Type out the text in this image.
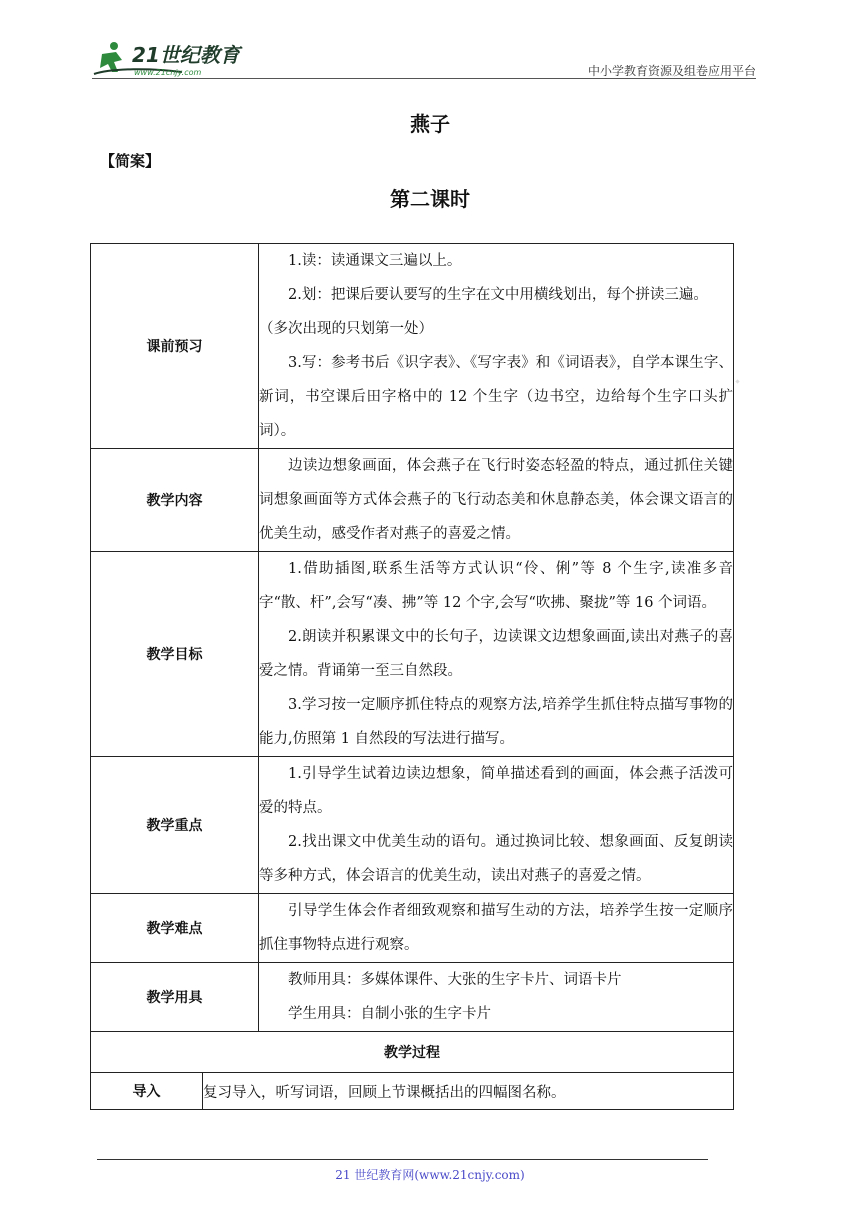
21世纪教育
www.21cnjy.com	中小学教育资源及组卷应用平台
燕子
【简案】
第二课时
课前预习		1.读：读通课文三遍以上。

2.划：把课后要认要写的生字在文中用横线划出，每个拼读三遍。

（多次出现的只划第一处）

3.写：参考书后《识字表》、《写字表》和《词语表》，自学本课生字、新词，书空课后田字格中的 12 个生字（边书空，边给每个生字口头扩词）。

教学内容		边读边想象画面，体会燕子在飞行时姿态轻盈的特点，通过抓住关键词想象画面等方式体会燕子的飞行动态美和休息静态美，体会课文语言的优美生动，感受作者对燕子的喜爱之情。

教学目标		1.借助插图,联系生活等方式认识“伶、俐”等 8 个生字,读准多音字“散、杆”,会写“凑、拂”等 12 个字,会写“吹拂、聚拢”等 16 个词语。

2.朗读并积累课文中的长句子，边读课文边想象画面,读出对燕子的喜爱之情。背诵第一至三自然段。

3.学习按一定顺序抓住特点的观察方法,培养学生抓住特点描写事物的能力,仿照第 1 自然段的写法进行描写。

教学重点		1.引导学生试着边读边想象，简单描述看到的画面，体会燕子活泼可爱的特点。

2.找出课文中优美生动的语句。通过换词比较、想象画面、反复朗读等多种方式，体会语言的优美生动，读出对燕子的喜爱之情。

教学难点		引导学生体会作者细致观察和描写生动的方法，培养学生按一定顺序抓住事物特点进行观察。

教学用具		教师用具：多媒体课件、大张的生字卡片、词语卡片

学生用具：自制小张的生字卡片

教学过程		
导入	复习导入，听写词语，回顾上节课概括出的四幅图名称。	
21 世纪教育网(www.21cnjy.com)
